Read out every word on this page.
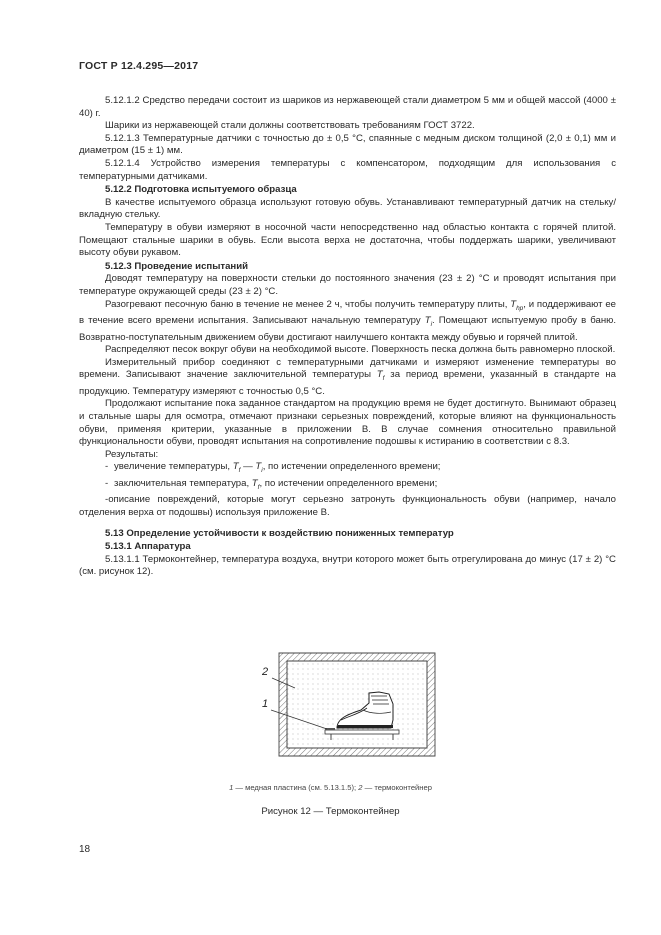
ГОСТ Р 12.4.295—2017

5.12.1.2 Средство передачи состоит из шариков из нержавеющей стали диаметром 5 мм и общей массой (4000 ± 40) г.

Шарики из нержавеющей стали должны соответствовать требованиям ГОСТ 3722.

5.12.1.3 Температурные датчики с точностью до ± 0,5 °С, спаянные с медным диском толщиной (2,0 ± 0,1) мм и диаметром (15 ± 1) мм.

5.12.1.4 Устройство измерения температуры с компенсатором, подходящим для использования с температурными датчиками.

5.12.2 Подготовка испытуемого образца

В качестве испытуемого образца используют готовую обувь. Устанавливают температурный датчик на стельку/вкладную стельку.

Температуру в обуви измеряют в носочной части непосредственно над областью контакта с горячей плитой. Помещают стальные шарики в обувь. Если высота верха не достаточна, чтобы поддержать шарики, увеличивают высоту обуви рукавом.

5.12.3 Проведение испытаний

Доводят температуру на поверхности стельки до постоянного значения (23 ± 2) °С и проводят испытания при температуре окружающей среды (23 ± 2) °С.

Разогревают песочную баню в течение не менее 2 ч, чтобы получить температуру плиты, $T_{hp}$, и поддерживают ее в течение всего времени испытания. Записывают начальную температуру $T_i$. Помещают испытуемую пробу в баню. Возвратно-поступательным движением обуви достигают наилучшего контакта между обувью и горячей плитой.

Распределяют песок вокруг обуви на необходимой высоте. Поверхность песка должна быть равномерно плоской.

Измерительный прибор соединяют с температурными датчиками и измеряют изменение температуры во времени. Записывают значение заключительной температуры $T_f$ за период времени, указанный в стандарте на продукцию. Температуру измеряют с точностью 0,5 °С.

Продолжают испытание пока заданное стандартом на продукцию время не будет достигнуто. Вынимают образец и стальные шары для осмотра, отмечают признаки серьезных повреждений, которые влияют на функциональность обуви, применяя критерии, указанные в приложении В. В случае сомнения относительно правильной функциональности обуви, проводят испытания на сопротивление подошвы к истиранию в соответствии с 8.3.

Результаты:

- увеличение температуры, $T_f$ — $T_i$, по истечении определенного времени;

- заключительная температура, $T_f$, по истечении определенного времени;

-описание повреждений, которые могут серьезно затронуть функциональность обуви (например, начало отделения верха от подошвы) используя приложение В.

5.13 Определение устойчивости к воздействию пониженных температур

5.13.1 Аппаратура

5.13.1.1 Термоконтейнер, температура воздуха, внутри которого может быть отрегулирована до минус (17 ± 2) °С (см. рисунок 12).

2
1
1 — медная пластина (см. 5.13.1.5); 2 — термоконтейнер
Рисунок 12 — Термоконтейнер
18
